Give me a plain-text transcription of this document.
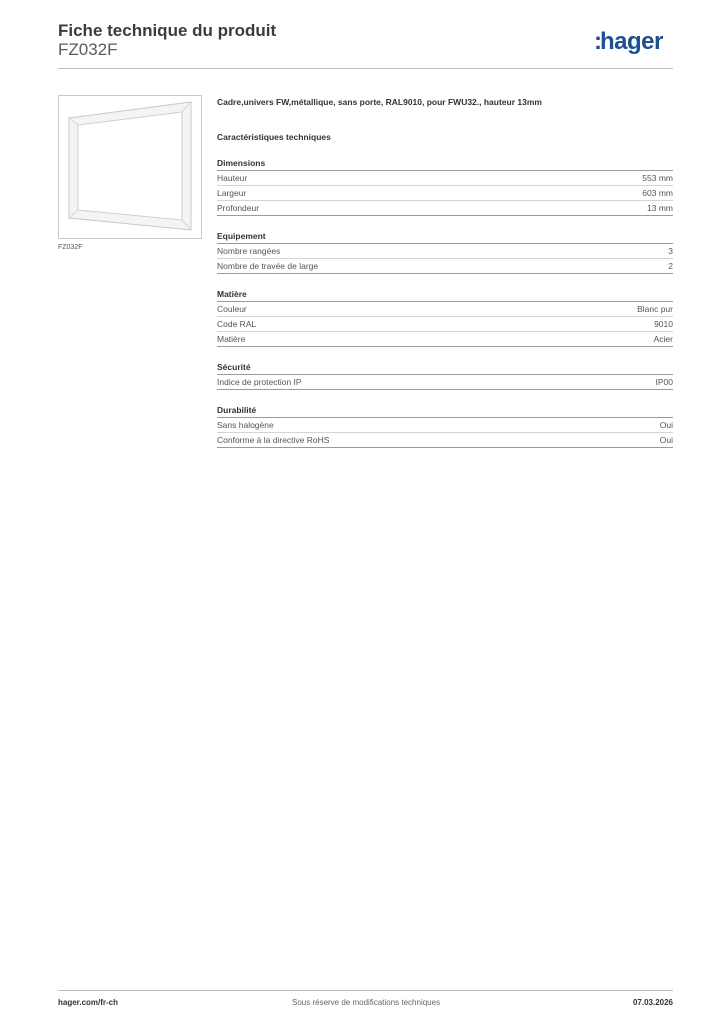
Fiche technique du produit
FZ032F	:hager
FZ032F
Cadre,univers FW,métallique, sans porte, RAL9010, pour FWU32., hauteur 13mm
Caractéristiques techniques
Dimensions
Hauteur	553 mm
Largeur	603 mm
Profondeur	13 mm
Equipement
Nombre rangées	3
Nombre de travée de large	2
Matière
Couleur	Blanc pur
Code RAL	9010
Matière	Acier
Sécurité
Indice de protection IP	IP00
Durabilité
Sans halogène	Oui
Conforme à la directive RoHS	Oui
hager.com/fr-ch	Sous réserve de modifications techniques	07.03.2026
